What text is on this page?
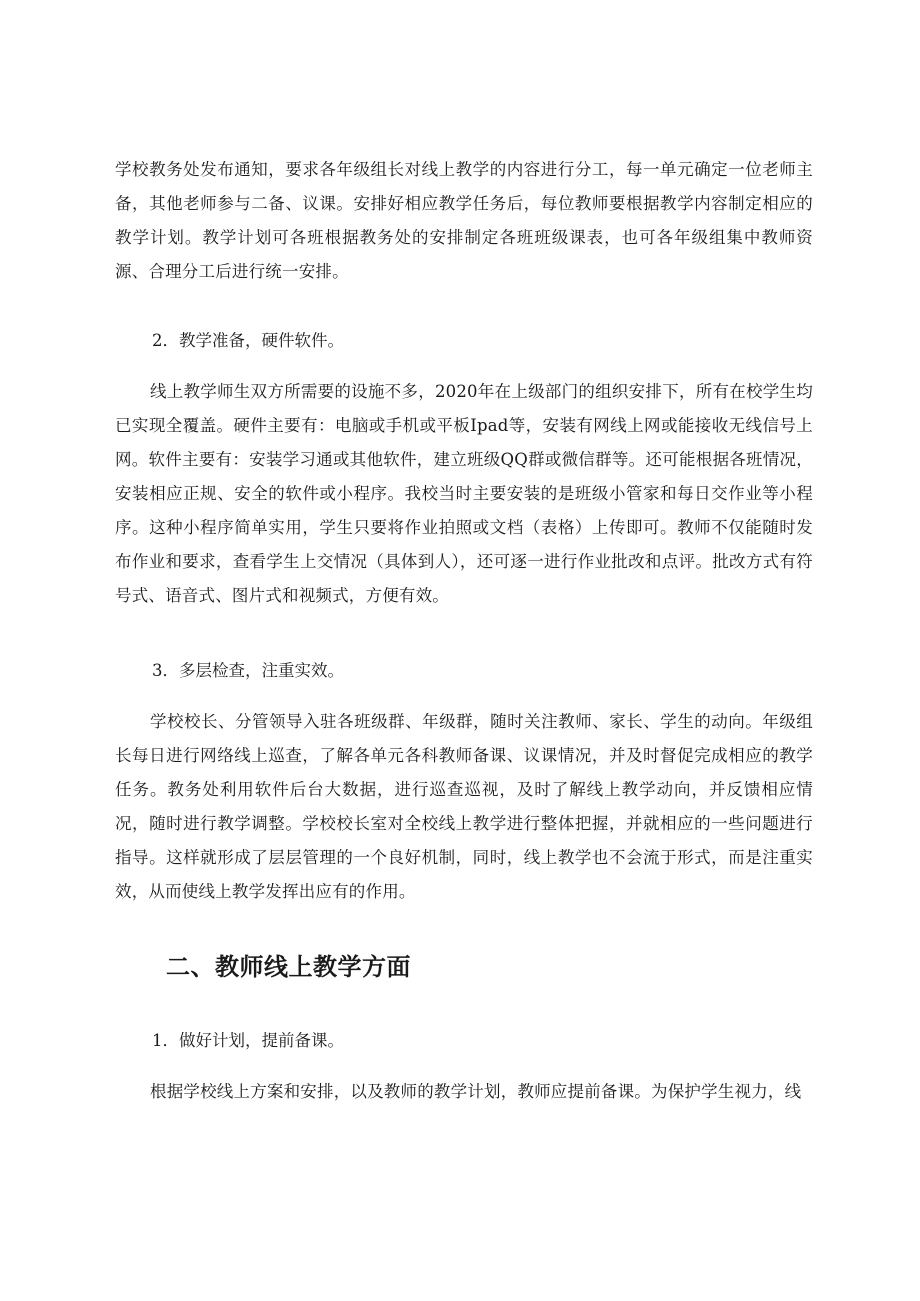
学校教务处发布通知，要求各年级组长对线上教学的内容进行分工，每一单元确定一位老师主备，其他老师参与二备、议课。安排好相应教学任务后，每位教师要根据教学内容制定相应的教学计划。教学计划可各班根据教务处的安排制定各班班级课表，也可各年级组集中教师资源、合理分工后进行统一安排。

2．教学准备，硬件软件。

线上教学师生双方所需要的设施不多，2020年在上级部门的组织安排下，所有在校学生均已实现全覆盖。硬件主要有：电脑或手机或平板Ipad等，安装有网线上网或能接收无线信号上网。软件主要有：安装学习通或其他软件，建立班级QQ群或微信群等。还可能根据各班情况，安装相应正规、安全的软件或小程序。我校当时主要安装的是班级小管家和每日交作业等小程序。这种小程序简单实用，学生只要将作业拍照或文档（表格）上传即可。教师不仅能随时发布作业和要求，查看学生上交情况（具体到人），还可逐一进行作业批改和点评。批改方式有符号式、语音式、图片式和视频式，方便有效。

3．多层检查，注重实效。

学校校长、分管领导入驻各班级群、年级群，随时关注教师、家长、学生的动向。年级组长每日进行网络线上巡查，了解各单元各科教师备课、议课情况，并及时督促完成相应的教学任务。教务处利用软件后台大数据，进行巡查巡视，及时了解线上教学动向，并反馈相应情况，随时进行教学调整。学校校长室对全校线上教学进行整体把握，并就相应的一些问题进行指导。这样就形成了层层管理的一个良好机制，同时，线上教学也不会流于形式，而是注重实效，从而使线上教学发挥出应有的作用。

二、教师线上教学方面

1．做好计划，提前备课。

根据学校线上方案和安排，以及教师的教学计划，教师应提前备课。为保护学生视力，线
